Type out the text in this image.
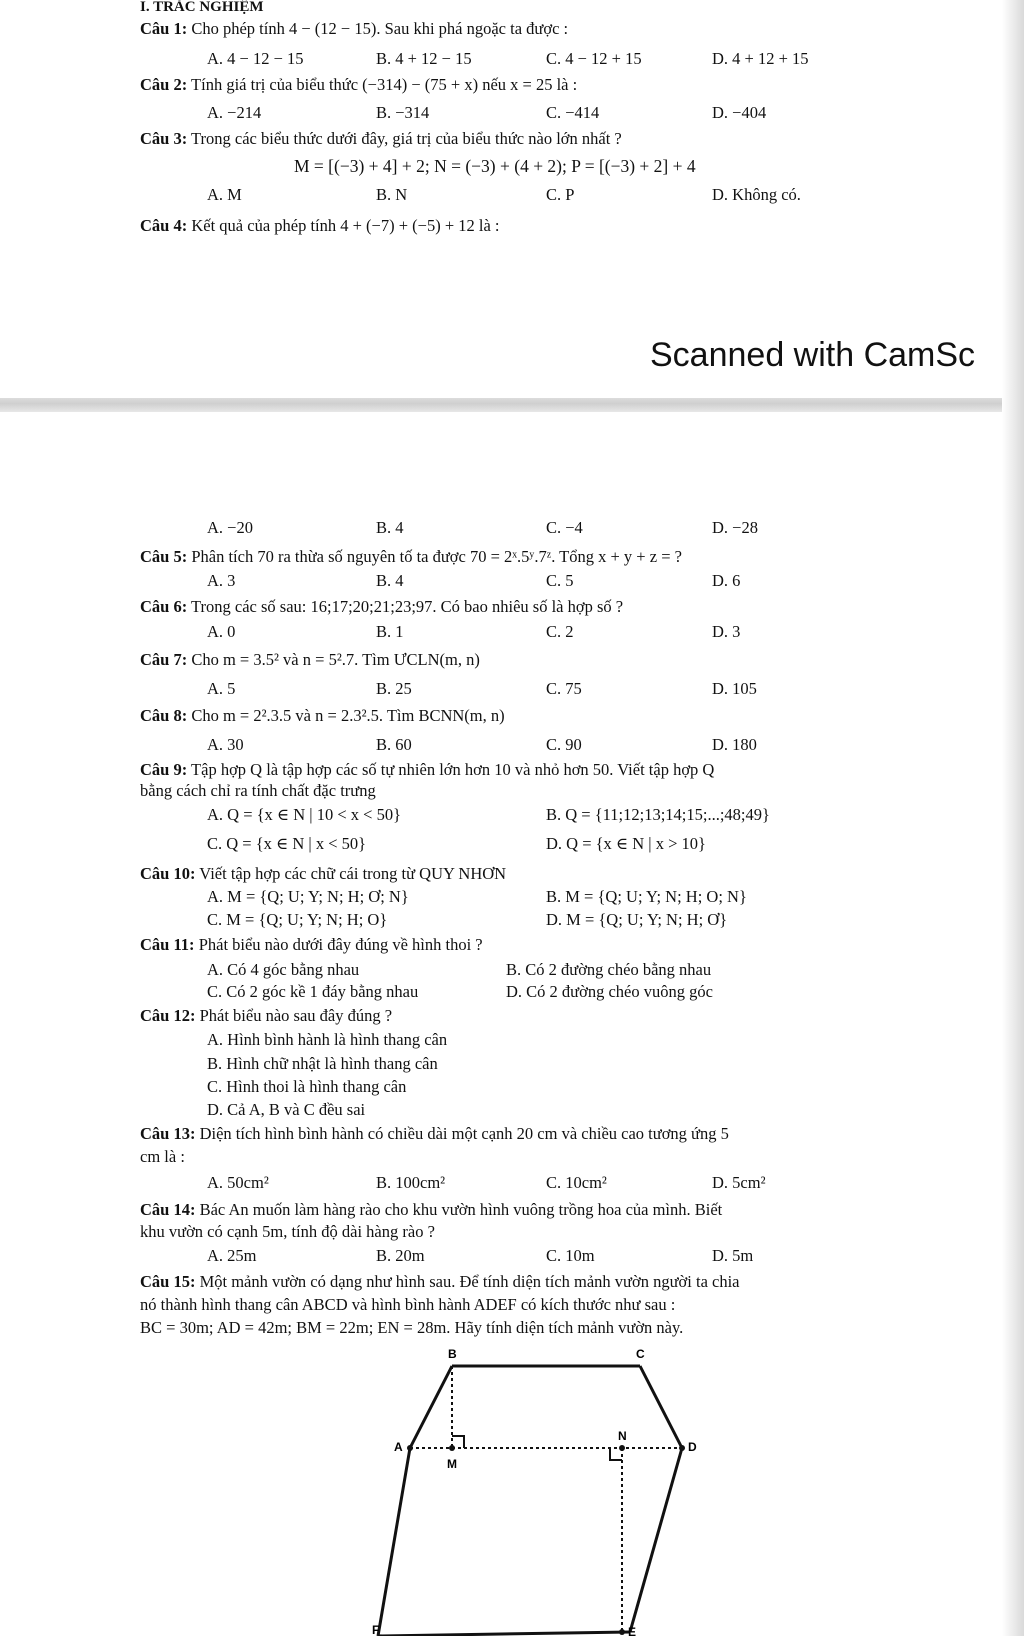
I. TRẮC NGHIỆM
Câu 1: Cho phép tính 4 − (12 − 15). Sau khi phá ngoặc ta được :
A. 4 − 12 − 15	B. 4 + 12 − 15	C. 4 − 12 + 15	D. 4 + 12 + 15
Câu 2: Tính giá trị của biểu thức (−314) − (75 + x) nếu x = 25 là :
A. −214	B. −314	C. −414	D. −404
Câu 3: Trong các biểu thức dưới đây, giá trị của biểu thức nào lớn nhất ?
M = [(−3) + 4] + 2; N = (−3) + (4 + 2); P = [(−3) + 2] + 4
A. M	B. N	C. P	D. Không có.
Câu 4: Kết quả của phép tính 4 + (−7) + (−5) + 12 là :
Scanned with CamSc
A. −20	B. 4	C. −4	D. −28
Câu 5: Phân tích 70 ra thừa số nguyên tố ta được 70 = 2ˣ.5ʸ.7ᶻ. Tổng x + y + z = ?
A. 3	B. 4	C. 5	D. 6
Câu 6: Trong các số sau: 16;17;20;21;23;97. Có bao nhiêu số là hợp số ?
A. 0	B. 1	C. 2	D. 3
Câu 7: Cho m = 3.5² và n = 5².7. Tìm ƯCLN(m, n)
A. 5	B. 25	C. 75	D. 105
Câu 8: Cho m = 2².3.5 và n = 2.3².5. Tìm BCNN(m, n)
A. 30	B. 60	C. 90	D. 180
Câu 9: Tập hợp Q là tập hợp các số tự nhiên lớn hơn 10 và nhỏ hơn 50. Viết tập hợp Q
bằng cách chỉ ra tính chất đặc trưng
A. Q = {x ∈ N | 10 < x < 50}	B. Q = {11;12;13;14;15;...;48;49}
C. Q = {x ∈ N | x < 50}	D. Q = {x ∈ N | x > 10}
Câu 10: Viết tập hợp các chữ cái trong từ QUY NHƠN
A. M = {Q; U; Y; N; H; Ơ; N}	B. M = {Q; U; Y; N; H; O; N}
C. M = {Q; U; Y; N; H; O}	D. M = {Q; U; Y; N; H; Ơ}
Câu 11: Phát biểu nào dưới đây đúng về hình thoi ?
A. Có 4 góc bằng nhau	B. Có 2 đường chéo bằng nhau
C. Có 2 góc kề 1 đáy bằng nhau	D. Có 2 đường chéo vuông góc
Câu 12: Phát biểu nào sau đây đúng ?
A. Hình bình hành là hình thang cân
B. Hình chữ nhật là hình thang cân
C. Hình thoi là hình thang cân
D. Cả A, B và C đều sai
Câu 13: Diện tích hình bình hành có chiều dài một cạnh 20 cm và chiều cao tương ứng 5
cm là :
A. 50cm²	B. 100cm²	C. 10cm²	D. 5cm²
Câu 14: Bác An muốn làm hàng rào cho khu vườn hình vuông trồng hoa của mình. Biết
khu vườn có cạnh 5m, tính độ dài hàng rào ?
A. 25m	B. 20m	C. 10m	D. 5m
Câu 15: Một mảnh vườn có dạng như hình sau. Để tính diện tích mảnh vườn người ta chia
nó thành hình thang cân ABCD và hình bình hành ADEF có kích thước như sau :
BC = 30m; AD = 42m; BM = 22m; EN = 28m. Hãy tính diện tích mảnh vườn này.
B	C
A	D
M
N
F	E
